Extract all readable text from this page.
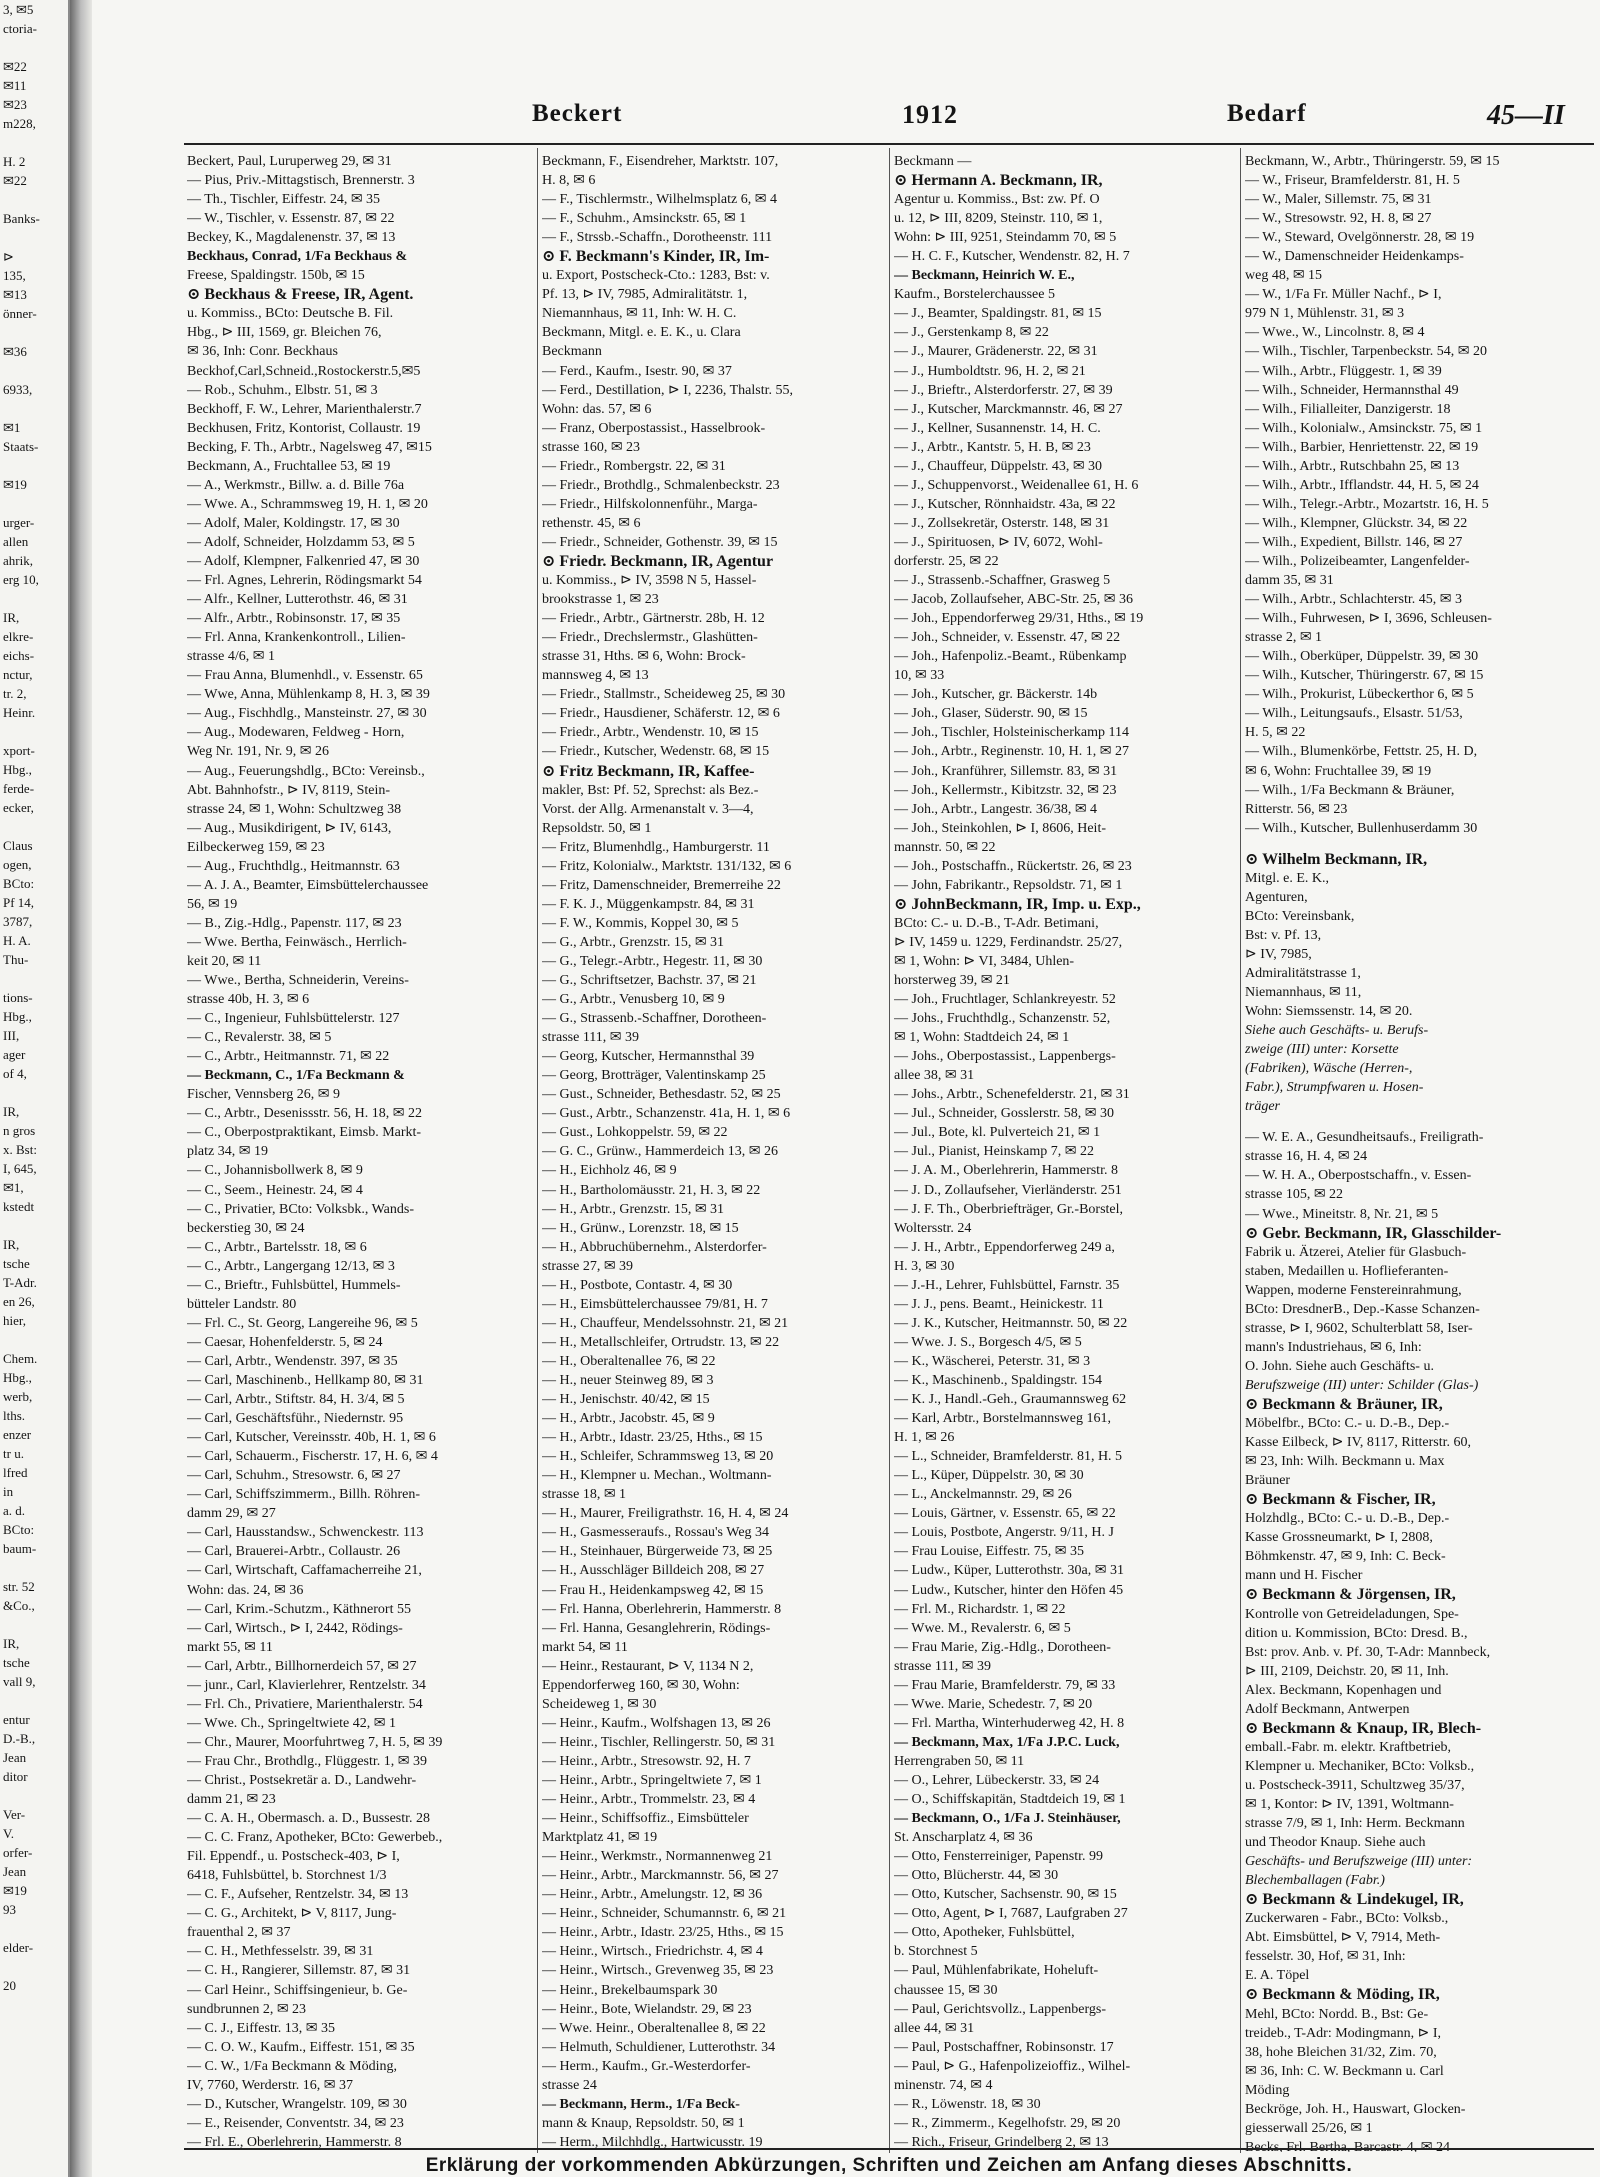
3, ✉5
ctoria-

✉22
✉11
✉23
m228,

H. 2
✉22

Banks-

⊳
135,
✉13
önner-

✉36

6933,

✉1
Staats-

✉19

urger-
allen
ahrik,
erg 10,

IR,
elkre-
eichs-
nctur,
tr. 2,
Heinr.

xport-
Hbg.,
ferde-
ecker,

Claus
ogen,
BCto:
Pf 14,
3787,
H. A.
Thu-

tions-
Hbg.,
III,
ager
of 4,

IR,
n gros
x. Bst:
I, 645,
✉1,
kstedt

IR,
tsche
T-Adr.
en 26,
hier,

Chem.
Hbg.,
werb,
lths.
enzer
tr u.
lfred
in
a. d.
BCto:
baum-

str. 52
&Co.,

IR,
tsche
vall 9,

entur
D.-B.,
Jean
ditor

Ver-
V.
orfer-
Jean
✉19
93

elder-

20
Beckert	1912	Bedarf	45—II
Beckert, Paul, Luruperweg 29, ✉ 31
— Pius, Priv.-Mittagstisch, Brennerstr. 3
— Th., Tischler, Eiffestr. 24, ✉ 35
— W., Tischler, v. Essenstr. 87, ✉ 22
Beckey, K., Magdalenenstr. 37, ✉ 13
Beckhaus, Conrad, 1/Fa Beckhaus &
Freese, Spaldingstr. 150b, ✉ 15
⊙ Beckhaus & Freese, IR, Agent.
u. Kommiss., BCto: Deutsche B. Fil.
Hbg., ⊳ III, 1569, gr. Bleichen 76,
✉ 36, Inh: Conr. Beckhaus
Beckhof,Carl,Schneid.,Rostockerstr.5,✉5
— Rob., Schuhm., Elbstr. 51, ✉ 3
Beckhoff, F. W., Lehrer, Marienthalerstr.7
Beckhusen, Fritz, Kontorist, Collaustr. 19
Becking, F. Th., Arbtr., Nagelsweg 47, ✉15
Beckmann, A., Fruchtallee 53, ✉ 19
— A., Werkmstr., Billw. a. d. Bille 76a
— Wwe. A., Schrammsweg 19, H. 1, ✉ 20
— Adolf, Maler, Koldingstr. 17, ✉ 30
— Adolf, Schneider, Holzdamm 53, ✉ 5
— Adolf, Klempner, Falkenried 47, ✉ 30
— Frl. Agnes, Lehrerin, Rödingsmarkt 54
— Alfr., Kellner, Lutterothstr. 46, ✉ 31
— Alfr., Arbtr., Robinsonstr. 17, ✉ 35
— Frl. Anna, Krankenkontroll., Lilien-
strasse 4/6, ✉ 1
— Frau Anna, Blumenhdl., v. Essenstr. 65
— Wwe, Anna, Mühlenkamp 8, H. 3, ✉ 39
— Aug., Fischhdlg., Mansteinstr. 27, ✉ 30
— Aug., Modewaren, Feldweg - Horn,
Weg Nr. 191, Nr. 9, ✉ 26
— Aug., Feuerungshdlg., BCto: Vereinsb.,
Abt. Bahnhofstr., ⊳ IV, 8119, Stein-
strasse 24, ✉ 1, Wohn: Schultzweg 38
— Aug., Musikdirigent, ⊳ IV, 6143,
Eilbeckerweg 159, ✉ 23
— Aug., Fruchthdlg., Heitmannstr. 63
— A. J. A., Beamter, Eimsbüttelerchaussee
56, ✉ 19
— B., Zig.-Hdlg., Papenstr. 117, ✉ 23
— Wwe. Bertha, Feinwäsch., Herrlich-
keit 20, ✉ 11
— Wwe., Bertha, Schneiderin, Vereins-
strasse 40b, H. 3, ✉ 6
— C., Ingenieur, Fuhlsbüttelerstr. 127
— C., Revalerstr. 38, ✉ 5
— C., Arbtr., Heitmannstr. 71, ✉ 22
— Beckmann, C., 1/Fa Beckmann &
Fischer, Vennsberg 26, ✉ 9
— C., Arbtr., Desenissstr. 56, H. 18, ✉ 22
— C., Oberpostpraktikant, Eimsb. Markt-
platz 34, ✉ 19
— C., Johannisbollwerk 8, ✉ 9
— C., Seem., Heinestr. 24, ✉ 4
— C., Privatier, BCto: Volksbk., Wands-
beckerstieg 30, ✉ 24
— C., Arbtr., Bartelsstr. 18, ✉ 6
— C., Arbtr., Langergang 12/13, ✉ 3
— C., Brieftr., Fuhlsbüttel, Hummels-
bütteler Landstr. 80
— Frl. C., St. Georg, Langereihe 96, ✉ 5
— Caesar, Hohenfelderstr. 5, ✉ 24
— Carl, Arbtr., Wendenstr. 397, ✉ 35
— Carl, Maschinenb., Hellkamp 80, ✉ 31
— Carl, Arbtr., Stiftstr. 84, H. 3/4, ✉ 5
— Carl, Geschäftsführ., Niedernstr. 95
— Carl, Kutscher, Vereinsstr. 40b, H. 1, ✉ 6
— Carl, Schauerm., Fischerstr. 17, H. 6, ✉ 4
— Carl, Schuhm., Stresowstr. 6, ✉ 27
— Carl, Schiffszimmerm., Billh. Röhren-
damm 29, ✉ 27
— Carl, Hausstandsw., Schwenckestr. 113
— Carl, Brauerei-Arbtr., Collaustr. 26
— Carl, Wirtschaft, Caffamacherreihe 21,
Wohn: das. 24, ✉ 36
— Carl, Krim.-Schutzm., Käthnerort 55
— Carl, Wirtsch., ⊳ I, 2442, Rödings-
markt 55, ✉ 11
— Carl, Arbtr., Billhornerdeich 57, ✉ 27
— junr., Carl, Klavierlehrer, Rentzelstr. 34
— Frl. Ch., Privatiere, Marienthalerstr. 54
— Wwe. Ch., Springeltwiete 42, ✉ 1
— Chr., Maurer, Moorfuhrtweg 7, H. 5, ✉ 39
— Frau Chr., Brothdlg., Flüggestr. 1, ✉ 39
— Christ., Postsekretär a. D., Landwehr-
damm 21, ✉ 23
— C. A. H., Obermasch. a. D., Bussestr. 28
— C. C. Franz, Apotheker, BCto: Gewerbeb.,
Fil. Eppendf., u. Postscheck-403, ⊳ I,
6418, Fuhlsbüttel, b. Storchnest 1/3
— C. F., Aufseher, Rentzelstr. 34, ✉ 13
— C. G., Architekt, ⊳ V, 8117, Jung-
frauenthal 2, ✉ 37
— C. H., Methfesselstr. 39, ✉ 31
— C. H., Rangierer, Sillemstr. 87, ✉ 31
— Carl Heinr., Schiffsingenieur, b. Ge-
sundbrunnen 2, ✉ 23
— C. J., Eiffestr. 13, ✉ 35
— C. O. W., Kaufm., Eiffestr. 151, ✉ 35
— C. W., 1/Fa Beckmann & Möding,
IV, 7760, Werderstr. 16, ✉ 37
— D., Kutscher, Wrangelstr. 109, ✉ 30
— E., Reisender, Conventstr. 34, ✉ 23
— Frl. E., Oberlehrerin, Hammerstr. 8
Beckmann, F., Eisendreher, Marktstr. 107,
H. 8, ✉ 6
— F., Tischlermstr., Wilhelmsplatz 6, ✉ 4
— F., Schuhm., Amsinckstr. 65, ✉ 1
— F., Strssb.-Schaffn., Dorotheenstr. 111
⊙ F. Beckmann's Kinder, IR, Im-
u. Export, Postscheck-Cto.: 1283, Bst: v.
Pf. 13, ⊳ IV, 7985, Admiralitätstr. 1,
Niemannhaus, ✉ 11, Inh: W. H. C.
Beckmann, Mitgl. e. E. K., u. Clara
Beckmann
— Ferd., Kaufm., Isestr. 90, ✉ 37
— Ferd., Destillation, ⊳ I, 2236, Thalstr. 55,
Wohn: das. 57, ✉ 6
— Franz, Oberpostassist., Hasselbrook-
strasse 160, ✉ 23
— Friedr., Rombergstr. 22, ✉ 31
— Friedr., Brothdlg., Schmalenbeckstr. 23
— Friedr., Hilfskolonnenführ., Marga-
rethenstr. 45, ✉ 6
— Friedr., Schneider, Gothenstr. 39, ✉ 15
⊙ Friedr. Beckmann, IR, Agentur
u. Kommiss., ⊳ IV, 3598 N 5, Hassel-
brookstrasse 1, ✉ 23
— Friedr., Arbtr., Gärtnerstr. 28b, H. 12
— Friedr., Drechslermstr., Glashütten-
strasse 31, Hths. ✉ 6, Wohn: Brock-
mannsweg 4, ✉ 13
— Friedr., Stallmstr., Scheideweg 25, ✉ 30
— Friedr., Hausdiener, Schäferstr. 12, ✉ 6
— Friedr., Arbtr., Wendenstr. 10, ✉ 15
— Friedr., Kutscher, Wedenstr. 68, ✉ 15
⊙ Fritz Beckmann, IR, Kaffee-
makler, Bst: Pf. 52, Sprechst: als Bez.-
Vorst. der Allg. Armenanstalt v. 3—4,
Repsoldstr. 50, ✉ 1
— Fritz, Blumenhdlg., Hamburgerstr. 11
— Fritz, Kolonialw., Marktstr. 131/132, ✉ 6
— Fritz, Damenschneider, Bremerreihe 22
— F. K. J., Müggenkampstr. 84, ✉ 31
— F. W., Kommis, Koppel 30, ✉ 5
— G., Arbtr., Grenzstr. 15, ✉ 31
— G., Telegr.-Arbtr., Hegestr. 11, ✉ 30
— G., Schriftsetzer, Bachstr. 37, ✉ 21
— G., Arbtr., Venusberg 10, ✉ 9
— G., Strassenb.-Schaffner, Dorotheen-
strasse 111, ✉ 39
— Georg, Kutscher, Hermannsthal 39
— Georg, Brotträger, Valentinskamp 25
— Gust., Schneider, Bethesdastr. 52, ✉ 25
— Gust., Arbtr., Schanzenstr. 41a, H. 1, ✉ 6
— Gust., Lohkoppelstr. 59, ✉ 22
— G. C., Grünw., Hammerdeich 13, ✉ 26
— H., Eichholz 46, ✉ 9
— H., Bartholomäusstr. 21, H. 3, ✉ 22
— H., Arbtr., Grenzstr. 15, ✉ 31
— H., Grünw., Lorenzstr. 18, ✉ 15
— H., Abbruchübernehm., Alsterdorfer-
strasse 27, ✉ 39
— H., Postbote, Contastr. 4, ✉ 30
— H., Eimsbüttelerchaussee 79/81, H. 7
— H., Chauffeur, Mendelssohnstr. 21, ✉ 21
— H., Metallschleifer, Ortrudstr. 13, ✉ 22
— H., Oberaltenallee 76, ✉ 22
— H., neuer Steinweg 89, ✉ 3
— H., Jenischstr. 40/42, ✉ 15
— H., Arbtr., Jacobstr. 45, ✉ 9
— H., Arbtr., Idastr. 23/25, Hths., ✉ 15
— H., Schleifer, Schrammsweg 13, ✉ 20
— H., Klempner u. Mechan., Woltmann-
strasse 18, ✉ 1
— H., Maurer, Freiligrathstr. 16, H. 4, ✉ 24
— H., Gasmesseraufs., Rossau's Weg 34
— H., Steinhauer, Bürgerweide 73, ✉ 25
— H., Ausschläger Billdeich 208, ✉ 27
— Frau H., Heidenkampsweg 42, ✉ 15
— Frl. Hanna, Oberlehrerin, Hammerstr. 8
— Frl. Hanna, Gesanglehrerin, Rödings-
markt 54, ✉ 11
— Heinr., Restaurant, ⊳ V, 1134 N 2,
Eppendorferweg 160, ✉ 30, Wohn:
Scheideweg 1, ✉ 30
— Heinr., Kaufm., Wolfshagen 13, ✉ 26
— Heinr., Tischler, Rellingerstr. 50, ✉ 31
— Heinr., Arbtr., Stresowstr. 92, H. 7
— Heinr., Arbtr., Springeltwiete 7, ✉ 1
— Heinr., Arbtr., Trommelstr. 23, ✉ 4
— Heinr., Schiffsoffiz., Eimsbütteler
Marktplatz 41, ✉ 19
— Heinr., Werkmstr., Normannenweg 21
— Heinr., Arbtr., Marckmannstr. 56, ✉ 27
— Heinr., Arbtr., Amelungstr. 12, ✉ 36
— Heinr., Schneider, Schumannstr. 6, ✉ 21
— Heinr., Arbtr., Idastr. 23/25, Hths., ✉ 15
— Heinr., Wirtsch., Friedrichstr. 4, ✉ 4
— Heinr., Wirtsch., Grevenweg 35, ✉ 23
— Heinr., Brekelbaumspark 30
— Heinr., Bote, Wielandstr. 29, ✉ 23
— Wwe. Heinr., Oberaltenallee 8, ✉ 22
— Helmuth, Schuldiener, Lutterothstr. 34
— Herm., Kaufm., Gr.-Westerdorfer-
strasse 24
— Beckmann, Herm., 1/Fa Beck-
mann & Knaup, Repsoldstr. 50, ✉ 1
— Herm., Milchhdlg., Hartwicusstr. 19
Beckmann —
⊙ Hermann A. Beckmann, IR,
Agentur u. Kommiss., Bst: zw. Pf. O
u. 12, ⊳ III, 8209, Steinstr. 110, ✉ 1,
Wohn: ⊳ III, 9251, Steindamm 70, ✉ 5
— H. C. F., Kutscher, Wendenstr. 82, H. 7
— Beckmann, Heinrich W. E.,
Kaufm., Borstelerchaussee 5
— J., Beamter, Spaldingstr. 81, ✉ 15
— J., Gerstenkamp 8, ✉ 22
— J., Maurer, Grädenerstr. 22, ✉ 31
— J., Humboldtstr. 96, H. 2, ✉ 21
— J., Brieftr., Alsterdorferstr. 27, ✉ 39
— J., Kutscher, Marckmannstr. 46, ✉ 27
— J., Kellner, Susannenstr. 14, H. C.
— J., Arbtr., Kantstr. 5, H. B, ✉ 23
— J., Chauffeur, Düppelstr. 43, ✉ 30
— J., Schuppenvorst., Weidenallee 61, H. 6
— J., Kutscher, Rönnhaidstr. 43a, ✉ 22
— J., Zollsekretär, Osterstr. 148, ✉ 31
— J., Spirituosen, ⊳ IV, 6072, Wohl-
dorferstr. 25, ✉ 22
— J., Strassenb.-Schaffner, Grasweg 5
— Jacob, Zollaufseher, ABC-Str. 25, ✉ 36
— Joh., Eppendorferweg 29/31, Hths., ✉ 19
— Joh., Schneider, v. Essenstr. 47, ✉ 22
— Joh., Hafenpoliz.-Beamt., Rübenkamp
10, ✉ 33
— Joh., Kutscher, gr. Bäckerstr. 14b
— Joh., Glaser, Süderstr. 90, ✉ 15
— Joh., Tischler, Holsteinischerkamp 114
— Joh., Arbtr., Reginenstr. 10, H. 1, ✉ 27
— Joh., Kranführer, Sillemstr. 83, ✉ 31
— Joh., Kellermstr., Kibitzstr. 32, ✉ 23
— Joh., Arbtr., Langestr. 36/38, ✉ 4
— Joh., Steinkohlen, ⊳ I, 8606, Heit-
mannstr. 50, ✉ 22
— Joh., Postschaffn., Rückertstr. 26, ✉ 23
— John, Fabrikantr., Repsoldstr. 71, ✉ 1
⊙ JohnBeckmann, IR, Imp. u. Exp.,
BCto: C.- u. D.-B., T-Adr. Betimani,
⊳ IV, 1459 u. 1229, Ferdinandstr. 25/27,
✉ 1, Wohn: ⊳ VI, 3484, Uhlen-
horsterweg 39, ✉ 21
— Joh., Fruchtlager, Schlankreyestr. 52
— Johs., Fruchthdlg., Schanzenstr. 52,
✉ 1, Wohn: Stadtdeich 24, ✉ 1
— Johs., Oberpostassist., Lappenbergs-
allee 38, ✉ 31
— Johs., Arbtr., Schenefelderstr. 21, ✉ 31
— Jul., Schneider, Gosslerstr. 58, ✉ 30
— Jul., Bote, kl. Pulverteich 21, ✉ 1
— Jul., Pianist, Heinskamp 7, ✉ 22
— J. A. M., Oberlehrerin, Hammerstr. 8
— J. D., Zollaufseher, Vierländerstr. 251
— J. F. Th., Oberbriefträger, Gr.-Borstel,
Woltersstr. 24
— J. H., Arbtr., Eppendorferweg 249 a,
H. 3, ✉ 30
— J.-H., Lehrer, Fuhlsbüttel, Farnstr. 35
— J. J., pens. Beamt., Heinickestr. 11
— J. K., Kutscher, Heitmannstr. 50, ✉ 22
— Wwe. J. S., Borgesch 4/5, ✉ 5
— K., Wäscherei, Peterstr. 31, ✉ 3
— K., Maschinenb., Spaldingstr. 154
— K. J., Handl.-Geh., Graumannsweg 62
— Karl, Arbtr., Borstelmannsweg 161,
H. 1, ✉ 26
— L., Schneider, Bramfelderstr. 81, H. 5
— L., Küper, Düppelstr. 30, ✉ 30
— L., Anckelmannstr. 29, ✉ 26
— Louis, Gärtner, v. Essenstr. 65, ✉ 22
— Louis, Postbote, Angerstr. 9/11, H. J
— Frau Louise, Eiffestr. 75, ✉ 35
— Ludw., Küper, Lutterothstr. 30a, ✉ 31
— Ludw., Kutscher, hinter den Höfen 45
— Frl. M., Richardstr. 1, ✉ 22
— Wwe. M., Revalerstr. 6, ✉ 5
— Frau Marie, Zig.-Hdlg., Dorotheen-
strasse 111, ✉ 39
— Frau Marie, Bramfelderstr. 79, ✉ 33
— Wwe. Marie, Schedestr. 7, ✉ 20
— Frl. Martha, Winterhuderweg 42, H. 8
— Beckmann, Max, 1/Fa J.P.C. Luck,
Herrengraben 50, ✉ 11
— O., Lehrer, Lübeckerstr. 33, ✉ 24
— O., Schiffskapitän, Stadtdeich 19, ✉ 1
— Beckmann, O., 1/Fa J. Steinhäuser,
St. Anscharplatz 4, ✉ 36
— Otto, Fensterreiniger, Papenstr. 99
— Otto, Blücherstr. 44, ✉ 30
— Otto, Kutscher, Sachsenstr. 90, ✉ 15
— Otto, Agent, ⊳ I, 7687, Laufgraben 27
— Otto, Apotheker, Fuhlsbüttel,
b. Storchnest 5
— Paul, Mühlenfabrikate, Hoheluft-
chaussee 15, ✉ 30
— Paul, Gerichtsvollz., Lappenbergs-
allee 44, ✉ 31
— Paul, Postschaffner, Robinsonstr. 17
— Paul, ⊳ G., Hafenpolizeioffiz., Wilhel-
minenstr. 74, ✉ 4
— R., Löwenstr. 18, ✉ 30
— R., Zimmerm., Kegelhofstr. 29, ✉ 20
— Rich., Friseur, Grindelberg 2, ✉ 13
Beckmann, W., Arbtr., Thüringerstr. 59, ✉ 15
— W., Friseur, Bramfelderstr. 81, H. 5
— W., Maler, Sillemstr. 75, ✉ 31
— W., Stresowstr. 92, H. 8, ✉ 27
— W., Steward, Ovelgönnerstr. 28, ✉ 19
— W., Damenschneider Heidenkamps-
weg 48, ✉ 15
— W., 1/Fa Fr. Müller Nachf., ⊳ I,
979 N 1, Mühlenstr. 31, ✉ 3
— Wwe., W., Lincolnstr. 8, ✉ 4
— Wilh., Tischler, Tarpenbeckstr. 54, ✉ 20
— Wilh., Arbtr., Flüggestr. 1, ✉ 39
— Wilh., Schneider, Hermannsthal 49
— Wilh., Filialleiter, Danzigerstr. 18
— Wilh., Kolonialw., Amsinckstr. 75, ✉ 1
— Wilh., Barbier, Henriettenstr. 22, ✉ 19
— Wilh., Arbtr., Rutschbahn 25, ✉ 13
— Wilh., Arbtr., Ifflandstr. 44, H. 5, ✉ 24
— Wilh., Telegr.-Arbtr., Mozartstr. 16, H. 5
— Wilh., Klempner, Glückstr. 34, ✉ 22
— Wilh., Expedient, Billstr. 146, ✉ 27
— Wilh., Polizeibeamter, Langenfelder-
damm 35, ✉ 31
— Wilh., Arbtr., Schlachterstr. 45, ✉ 3
— Wilh., Fuhrwesen, ⊳ I, 3696, Schleusen-
strasse 2, ✉ 1
— Wilh., Oberküper, Düppelstr. 39, ✉ 30
— Wilh., Kutscher, Thüringerstr. 67, ✉ 15
— Wilh., Prokurist, Lübeckerthor 6, ✉ 5
— Wilh., Leitungsaufs., Elsastr. 51/53,
H. 5, ✉ 22
— Wilh., Blumenkörbe, Fettstr. 25, H. D,
✉ 6, Wohn: Fruchtallee 39, ✉ 19
— Wilh., 1/Fa Beckmann & Bräuner,
Ritterstr. 56, ✉ 23
— Wilh., Kutscher, Bullenhuserdamm 30
⊙ Wilhelm Beckmann, IR,
Mitgl. e. E. K.,
Agenturen,
BCto: Vereinsbank,
Bst: v. Pf. 13,
⊳ IV, 7985,
Admiralitätstrasse 1,
Niemannhaus, ✉ 11,
Wohn: Siemssenstr. 14, ✉ 20.
Siehe auch Geschäfts- u. Berufs-
zweige (III) unter: Korsette
(Fabriken), Wäsche (Herren-,
Fabr.), Strumpfwaren u. Hosen-
träger
— W. E. A., Gesundheitsaufs., Freiligrath-
strasse 16, H. 4, ✉ 24
— W. H. A., Oberpostschaffn., v. Essen-
strasse 105, ✉ 22
— Wwe., Mineitstr. 8, Nr. 21, ✉ 5
⊙ Gebr. Beckmann, IR, Glasschilder-
Fabrik u. Ätzerei, Atelier für Glasbuch-
staben, Medaillen u. Hoflieferanten-
Wappen, moderne Fenstereinrahmung,
BCto: DresdnerB., Dep.-Kasse Schanzen-
strasse, ⊳ I, 9602, Schulterblatt 58, Iser-
mann's Industriehaus, ✉ 6, Inh:
O. John. Siehe auch Geschäfts- u.
Berufszweige (III) unter: Schilder (Glas-)
⊙ Beckmann & Bräuner, IR,
Möbelfbr., BCto: C.- u. D.-B., Dep.-
Kasse Eilbeck, ⊳ IV, 8117, Ritterstr. 60,
✉ 23, Inh: Wilh. Beckmann u. Max
Bräuner
⊙ Beckmann & Fischer, IR,
Holzhdlg., BCto: C.- u. D.-B., Dep.-
Kasse Grossneumarkt, ⊳ I, 2808,
Böhmkenstr. 47, ✉ 9, Inh: C. Beck-
mann und H. Fischer
⊙ Beckmann & Jörgensen, IR,
Kontrolle von Getreideladungen, Spe-
dition u. Kommission, BCto: Dresd. B.,
Bst: prov. Anb. v. Pf. 30, T-Adr: Mannbeck,
⊳ III, 2109, Deichstr. 20, ✉ 11, Inh.
Alex. Beckmann, Kopenhagen und
Adolf Beckmann, Antwerpen
⊙ Beckmann & Knaup, IR, Blech-
emball.-Fabr. m. elektr. Kraftbetrieb,
Klempner u. Mechaniker, BCto: Volksb.,
u. Postscheck-3911, Schultzweg 35/37,
✉ 1, Kontor: ⊳ IV, 1391, Woltmann-
strasse 7/9, ✉ 1, Inh: Herm. Beckmann
und Theodor Knaup. Siehe auch
Geschäfts- und Berufszweige (III) unter:
Blechemballagen (Fabr.)
⊙ Beckmann & Lindekugel, IR,
Zuckerwaren - Fabr., BCto: Volksb.,
Abt. Eimsbüttel, ⊳ V, 7914, Meth-
fesselstr. 30, Hof, ✉ 31, Inh:
E. A. Töpel
⊙ Beckmann & Möding, IR,
Mehl, BCto: Nordd. B., Bst: Ge-
treideb., T-Adr: Modingmann, ⊳ I,
38, hohe Bleichen 31/32, Zim. 70,
✉ 36, Inh: C. W. Beckmann u. Carl
Möding
Beckröge, Joh. H., Hauswart, Glocken-
giesserwall 25/26, ✉ 1
Becks, Frl. Bertha, Barcastr. 4, ✉ 24
Erklärung der vorkommenden Abkürzungen, Schriften und Zeichen am Anfang dieses Abschnitts.
